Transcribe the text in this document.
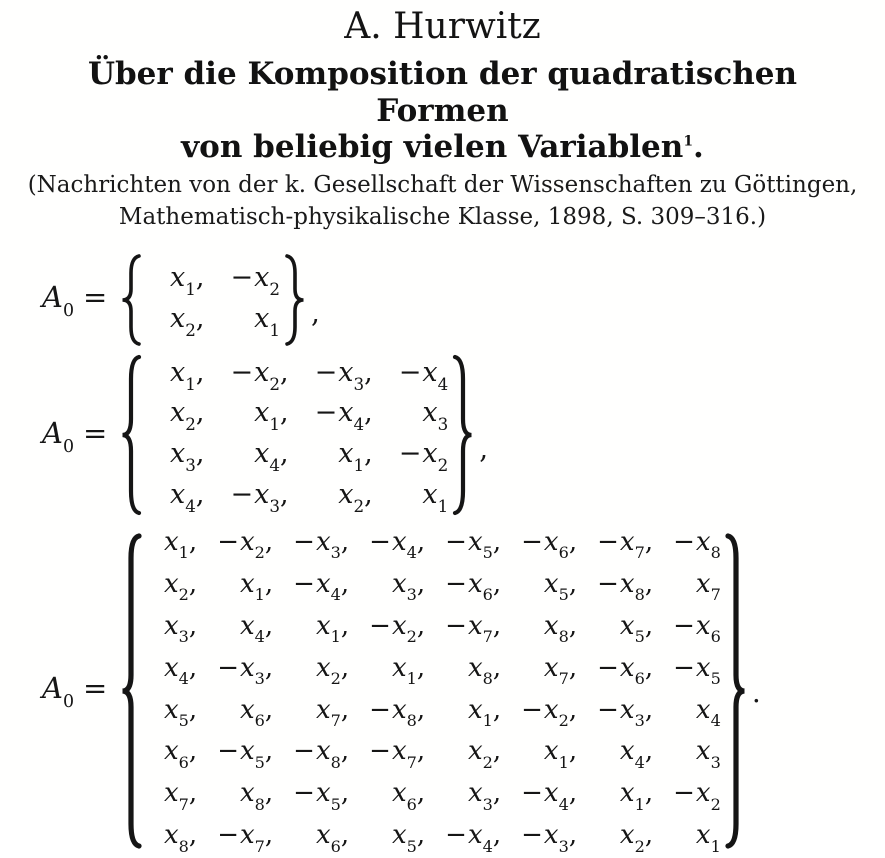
A. Hurwitz
Über die Komposition der quadratischen Formen
von beliebig vielen Variablen$^1$.
(Nachrichten von der k. Gesellschaft der Wissenschaften zu Göttingen,
Mathematisch-physikalische Klasse, 1898, S. 309–316.)
$A_0$ =
$x_1$,	$-x_2$
$x_2$,	$x_1$
,
$A_0$ =
$x_1$,	$-x_2$,	$-x_3$,	$-x_4$
$x_2$,	$x_1$,	$-x_4$,	$x_3$
$x_3$,	$x_4$,	$x_1$,	$-x_2$
$x_4$,	$-x_3$,	$x_2$,	$x_1$
,
$A_0$ =
$x_1$,	$-x_2$,	$-x_3$,	$-x_4$,	$-x_5$,	$-x_6$,	$-x_7$,	$-x_8$
$x_2$,	$x_1$,	$-x_4$,	$x_3$,	$-x_6$,	$x_5$,	$-x_8$,	$x_7$
$x_3$,	$x_4$,	$x_1$,	$-x_2$,	$-x_7$,	$x_8$,	$x_5$,	$-x_6$
$x_4$,	$-x_3$,	$x_2$,	$x_1$,	$x_8$,	$x_7$,	$-x_6$,	$-x_5$
$x_5$,	$x_6$,	$x_7$,	$-x_8$,	$x_1$,	$-x_2$,	$-x_3$,	$x_4$
$x_6$,	$-x_5$,	$-x_8$,	$-x_7$,	$x_2$,	$x_1$,	$x_4$,	$x_3$
$x_7$,	$x_8$,	$-x_5$,	$x_6$,	$x_3$,	$-x_4$,	$x_1$,	$-x_2$
$x_8$,	$-x_7$,	$x_6$,	$x_5$,	$-x_4$,	$-x_3$,	$x_2$,	$x_1$
.
